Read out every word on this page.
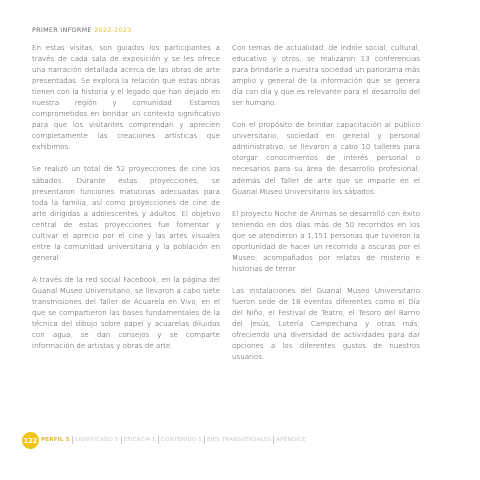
PRIMER INFORME 2022-2023

En estas visitas, son guiados los participantes a través de cada sala de exposición y se les ofrece una narración detallada acerca de las obras de arte presentadas. Se explora la relación que estas obras tienen con la historia y el legado que han dejado en nuestra región y comunidad. Estamos comprometidos en brindar un contexto significativo para que los visitantes comprendan y aprecien completamente las creaciones artísticas que exhibimos.

Se realizó un total de 52 proyecciones de cine los sábados. Durante estas proyecciones, se presentaron funciones matutinas adecuadas para toda la familia, así como proyecciones de cine de arte dirigidas a adolescentes y adultos. El objetivo central de estas proyecciones fue fomentar y cultivar el aprecio por el cine y las artes visuales entre la comunidad universitaria y la población en general.

A través de la red social Facebook, en la página del Guanal Museo Universitario, se llevaron a cabo siete transmisiones del Taller de Acuarela en Vivo, en el que se compartieron las bases fundamentales de la técnica del dibujo sobre papel y acuarelas diluidas con agua, se dan consejos y se comparte información de artistas y obras de arte.

Con temas de actualidad, de índole social, cultural, educativo y otros, se realizaron 13 conferencias para brindarle a nuestra sociedad un panorama más amplio y general de la información que se genera día con día y que es relevante para el desarrollo del ser humano.

Con el propósito de brindar capacitación al público universitario, sociedad en general y personal administrativo, se llevaron a cabo 10 talleres para otorgar conocimientos de interés personal o necesarios para su área de desarrollo profesional, además del Taller de arte que se imparte en el Guanal Museo Universitario los sábados.

El proyecto Noche de Ánimas se desarrolló con éxito teniendo en dos días más de 50 recorridos en los que se atendieron a 1,151 personas que tuvieron la oportunidad de hacer un recorrido a oscuras por el Museo, acompañados por relatos de misterio e historias de terror.

Las instalaciones del Guanal Museo Universitario fueron sede de 18 eventos diferentes como el Día del Niño, el Festival de Teatro, el Tesoro del Barrio del Jesús, Lotería Campechana y otras más; ofreciendo una diversidad de actividades para dar opciones a los diferentes gustos de nuestros usuarios.

122 PERFIL 5 SIGNIFICADO 5 EFICACIA 5 CONTENIDO 5 EJES TRANSVERSALES APÉNDICE
